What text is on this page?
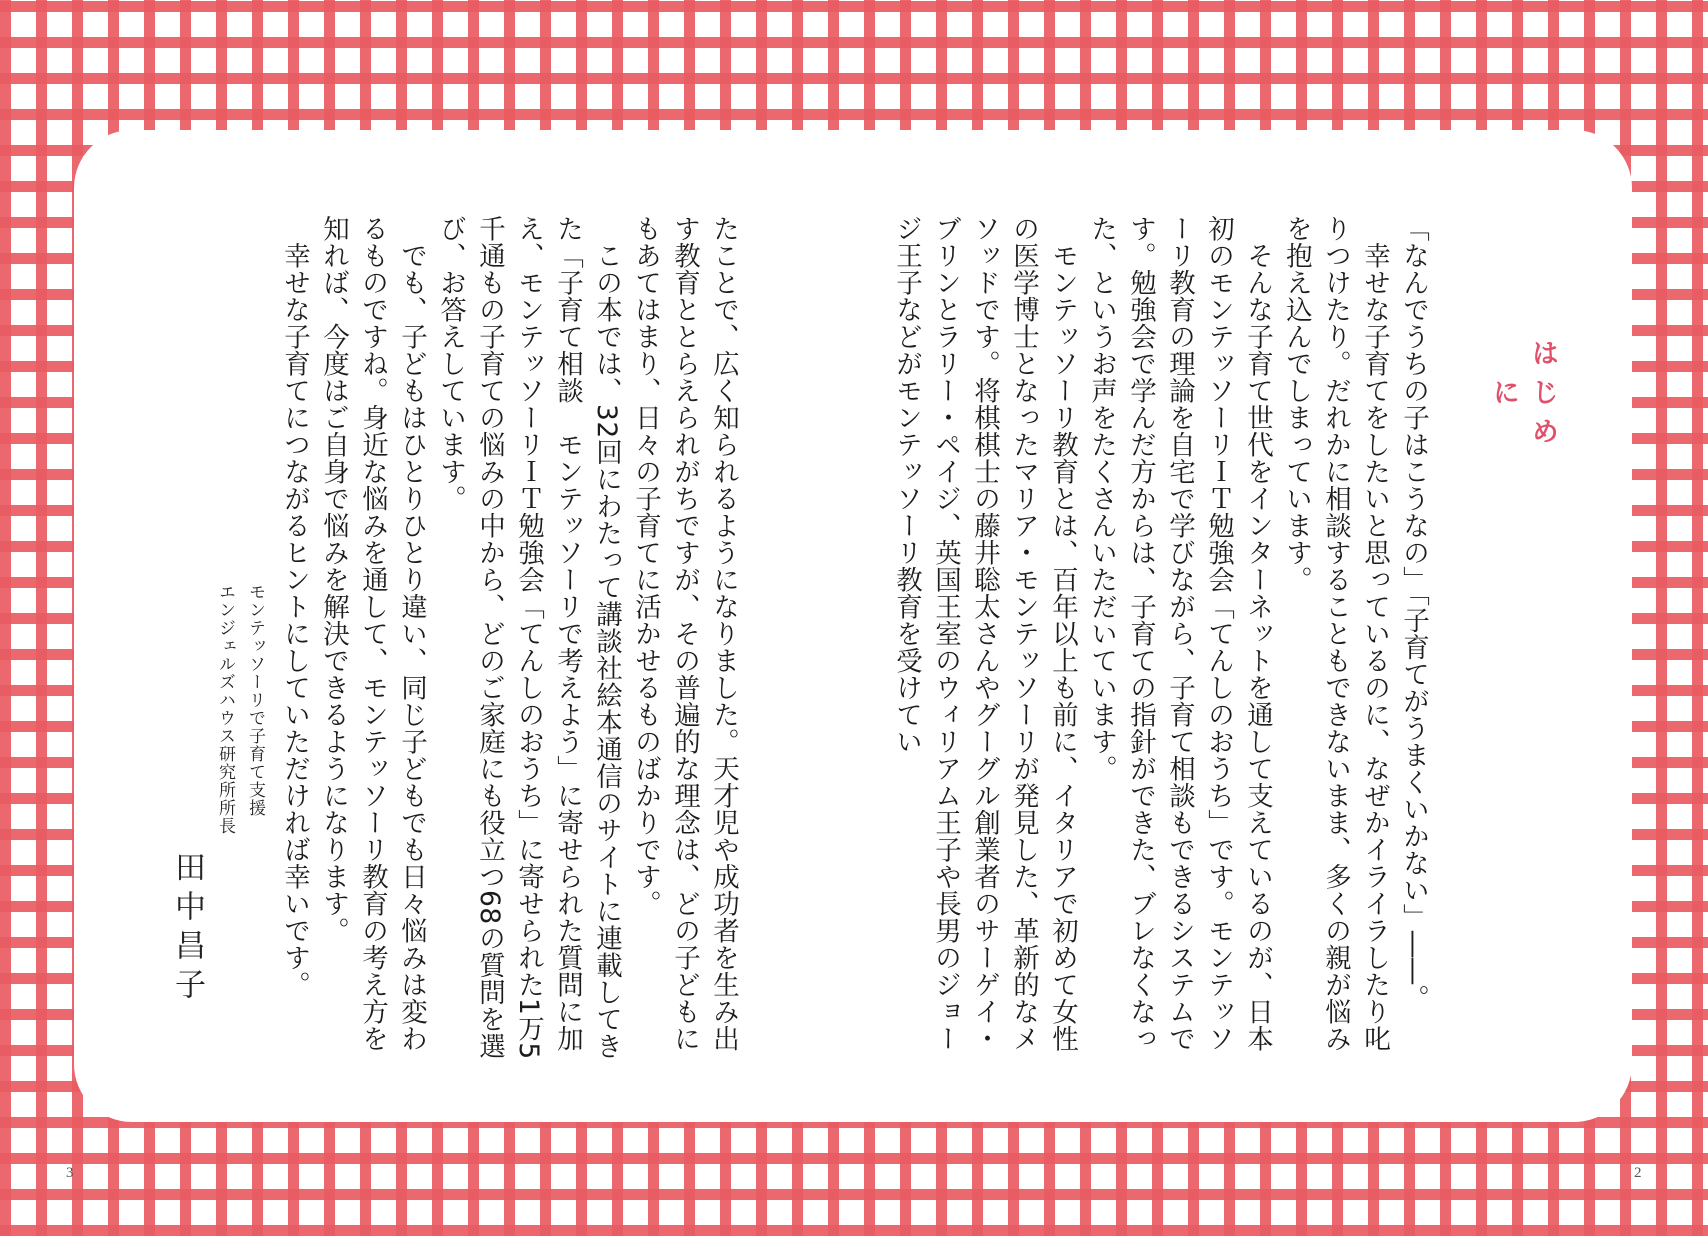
はじめに
「なんでうちの子はこうなの」「子育てがうまくいかない」――。
　幸せな子育てをしたいと思っているのに、なぜかイライラしたり叱りつけたり。だれかに相談することもできないまま、多くの親が悩みを抱え込んでしまっています。
　そんな子育て世代をインターネットを通して支えているのが、日本初のモンテッソーリＩＴ勉強会「てんしのおうち」です。モンテッソーリ教育の理論を自宅で学びながら、子育て相談もできるシステムです。勉強会で学んだ方からは、子育ての指針ができた、ブレなくなった、というお声をたくさんいただいています。
　モンテッソーリ教育とは、百年以上も前に、イタリアで初めて女性の医学博士となったマリア・モンテッソーリが発見した、革新的なメソッドです。将棋棋士の藤井聡太さんやグーグル創業者のサーゲイ・ブリンとラリー・ペイジ、英国王室のウィリアム王子や長男のジョージ王子などがモンテッソーリ教育を受けてい
たことで、広く知られるようになりました。天才児や成功者を生み出す教育ととらえられがちですが、その普遍的な理念は、どの子どもにもあてはまり、日々の子育てに活かせるものばかりです。
　この本では、32回にわたって講談社絵本通信のサイトに連載してきた「子育て相談　モンテッソーリで考えよう」に寄せられた質問に加え、モンテッソーリＩＴ勉強会「てんしのおうち」に寄せられた1万5千通もの子育ての悩みの中から、どのご家庭にも役立つ68の質問を選び、お答えしています。
　でも、子どもはひとりひとり違い、同じ子どもでも日々悩みは変わるものですね。身近な悩みを通して、モンテッソーリ教育の考え方を知れば、今度はご自身で悩みを解決できるようになります。
　幸せな子育てにつながるヒントにしていただければ幸いです。
モンテッソーリで子育て支援
エンジェルズハウス研究所所長
田中昌子
3	2
